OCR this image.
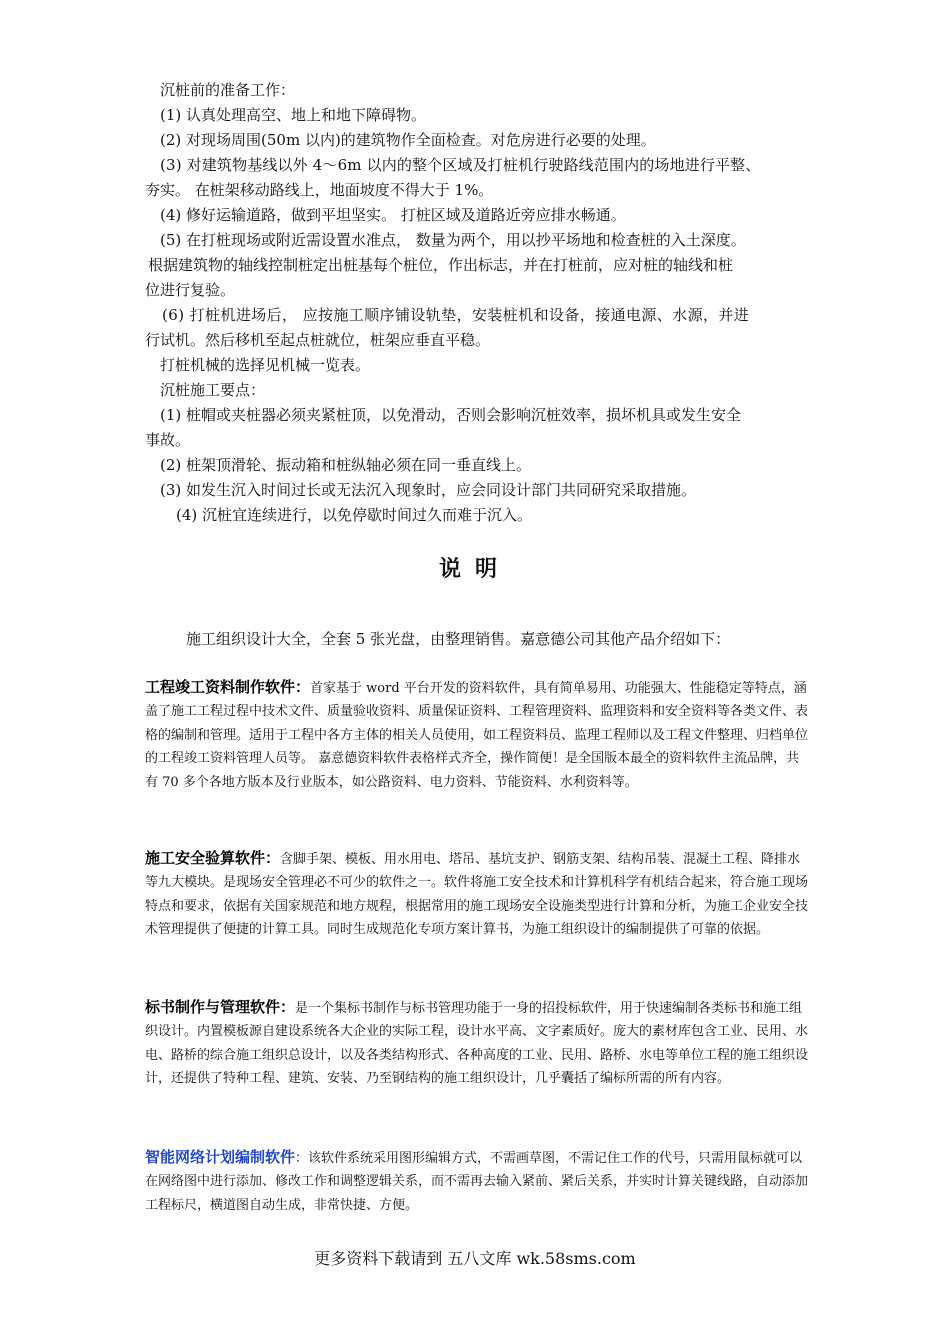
沉桩前的准备工作：
(1) 认真处理高空、地上和地下障碍物。
(2) 对现场周围(50m 以内)的建筑物作全面检查。对危房进行必要的处理。
(3) 对建筑物基线以外 4～6m 以内的整个区域及打桩机行驶路线范围内的场地进行平整、
夯实。 在桩架移动路线上，地面坡度不得大于 1%。
(4) 修好运输道路，做到平坦坚实。 打桩区域及道路近旁应排水畅通。
(5) 在打桩现场或附近需设置水准点， 数量为两个，用以抄平场地和检查桩的入土深度。
根据建筑物的轴线控制桩定出桩基每个桩位，作出标志，并在打桩前，应对桩的轴线和桩
位进行复验。
(6) 打桩机进场后， 应按施工顺序铺设轨垫，安装桩机和设备，接通电源、水源，并进
行试机。然后移机至起点桩就位，桩架应垂直平稳。
打桩机械的选择见机械一览表。
沉桩施工要点：
(1) 桩帽或夹桩器必须夹紧桩顶，以免滑动，否则会影响沉桩效率，损坏机具或发生安全
事故。
(2) 桩架顶滑轮、振动箱和桩纵轴必须在同一垂直线上。
(3) 如发生沉入时间过长或无法沉入现象时，应会同设计部门共同研究采取措施。
(4) 沉桩宜连续进行，以免停歇时间过久而难于沉入。
说明
施工组织设计大全，全套 5 张光盘，由整理销售。嘉意德公司其他产品介绍如下：
工程竣工资料制作软件：首家基于 word 平台开发的资料软件，具有简单易用、功能强大、性能稳定等特点，涵盖了施工工程过程中技术文件、质量验收资料、质量保证资料、工程管理资料、监理资料和安全资料等各类文件、表格的编制和管理。适用于工程中各方主体的相关人员使用，如工程资料员、监理工程师以及工程文件整理、归档单位的工程竣工资料管理人员等。 嘉意德资料软件表格样式齐全，操作简便！是全国版本最全的资料软件主流品牌，共有 70 多个各地方版本及行业版本，如公路资料、电力资料、节能资料、水利资料等。
施工安全验算软件：含脚手架、模板、用水用电、塔吊、基坑支护、钢筋支架、结构吊装、混凝土工程、降排水等九大模块。是现场安全管理必不可少的软件之一。软件将施工安全技术和计算机科学有机结合起来，符合施工现场特点和要求，依据有关国家规范和地方规程，根据常用的施工现场安全设施类型进行计算和分析，为施工企业安全技术管理提供了便捷的计算工具。同时生成规范化专项方案计算书，为施工组织设计的编制提供了可靠的依据。
标书制作与管理软件：是一个集标书制作与标书管理功能于一身的招投标软件，用于快速编制各类标书和施工组织设计。内置模板源自建设系统各大企业的实际工程，设计水平高、文字素质好。庞大的素材库包含工业、民用、水电、路桥的综合施工组织总设计，以及各类结构形式、各种高度的工业、民用、路桥、水电等单位工程的施工组织设计，还提供了特种工程、建筑、安装、乃至钢结构的施工组织设计，几乎囊括了编标所需的所有内容。
智能网络计划编制软件：该软件系统采用图形编辑方式，不需画草图，不需记住工作的代号，只需用鼠标就可以在网络图中进行添加、修改工作和调整逻辑关系，而不需再去输入紧前、紧后关系，并实时计算关键线路，自动添加工程标尺，横道图自动生成，非常快捷、方便。
更多资料下载请到 五八文库 wk.58sms.com
